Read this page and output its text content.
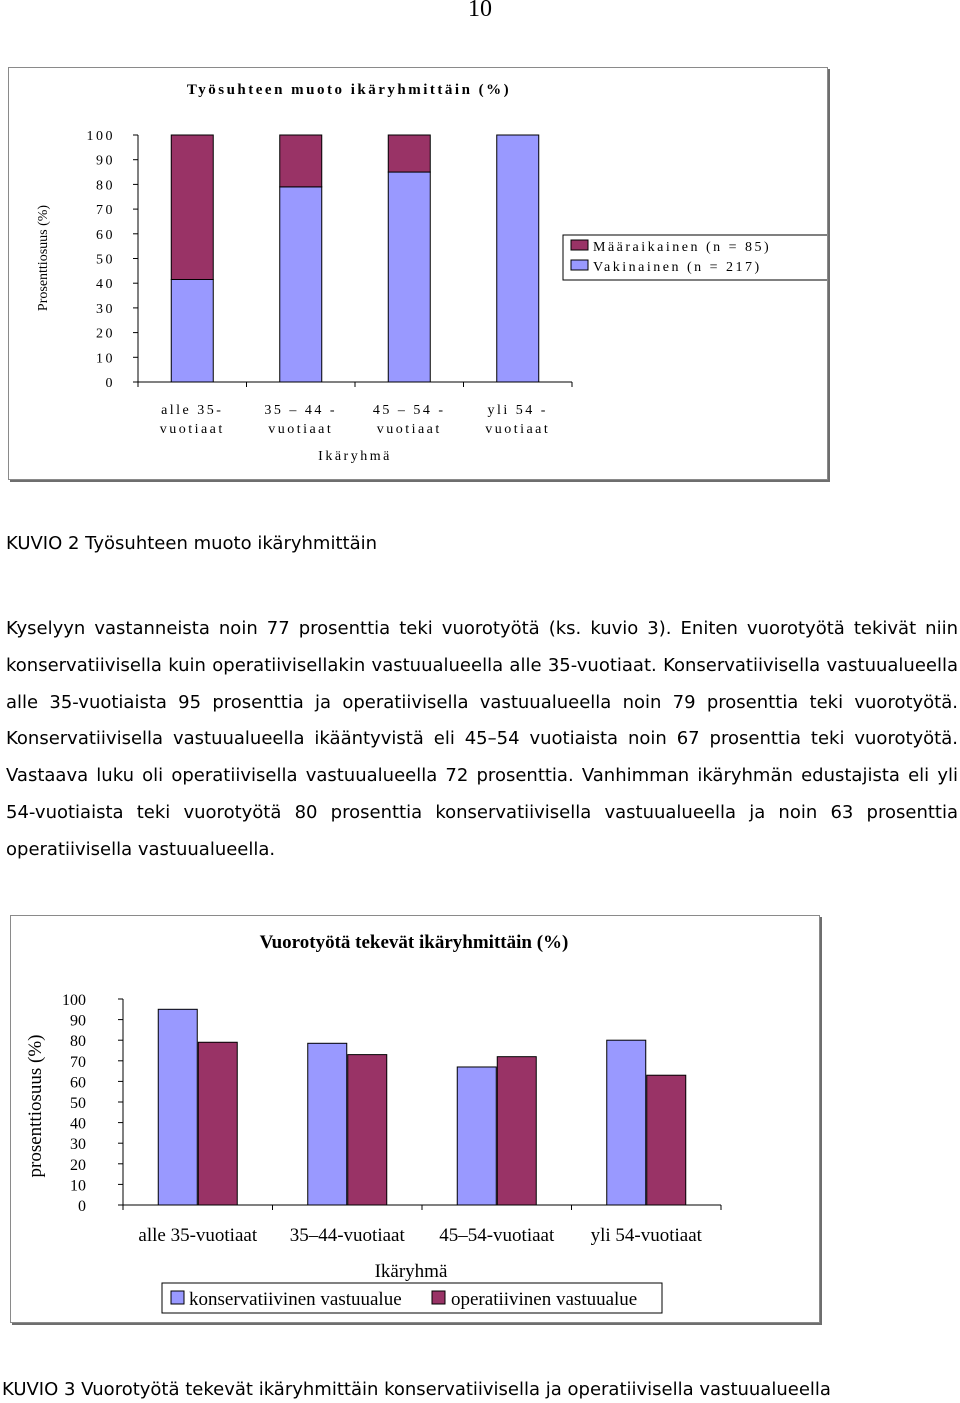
10
Työsuhteen muoto ikäryhmittäin (%)
Prosenttiosuus (%)
0
10
20
30
40
50
60
70
80
90
100
alle 35-
vuotiaat
35 – 44 -
vuotiaat
45 – 54 -
vuotiaat
yli 54 -
vuotiaat
Ikäryhmä
Määraikainen (n = 85)
Vakinainen (n = 217)
KUVIO 2 Työsuhteen muoto ikäryhmittäin
Kyselyyn vastanneista noin 77 prosenttia teki vuorotyötä (ks. kuvio 3). Eniten vuorotyötä tekivät niin konservatiivisella kuin operatiivisellakin vastuualueella alle 35-vuotiaat. Konservatiivisella vastuualueella alle 35-vuotiaista 95 prosenttia ja operatiivisella vastuualueella noin 79 prosenttia teki vuorotyötä. Konservatiivisella vastuualueella ikääntyvistä eli 45–54 vuotiaista noin 67 prosenttia teki vuorotyötä. Vastaava luku oli operatiivisella vastuualueella 72 prosenttia. Vanhimman ikäryhmän edustajista eli yli 54-vuotiaista teki vuorotyötä 80 prosenttia konservatiivisella vastuualueella ja noin 63 prosenttia operatiivisella vastuualueella.
Vuorotyötä tekevät ikäryhmittäin (%)
prosenttiosuus (%)
0
10
20
30
40
50
60
70
80
90
100
alle 35-vuotiaat 35–44-vuotiaat 45–54-vuotiaat yli 54-vuotiaat
Ikäryhmä
konservatiivinen vastuualue	operatiivinen vastuualue
KUVIO 3 Vuorotyötä tekevät ikäryhmittäin konservatiivisella ja operatiivisella vastuualueella
